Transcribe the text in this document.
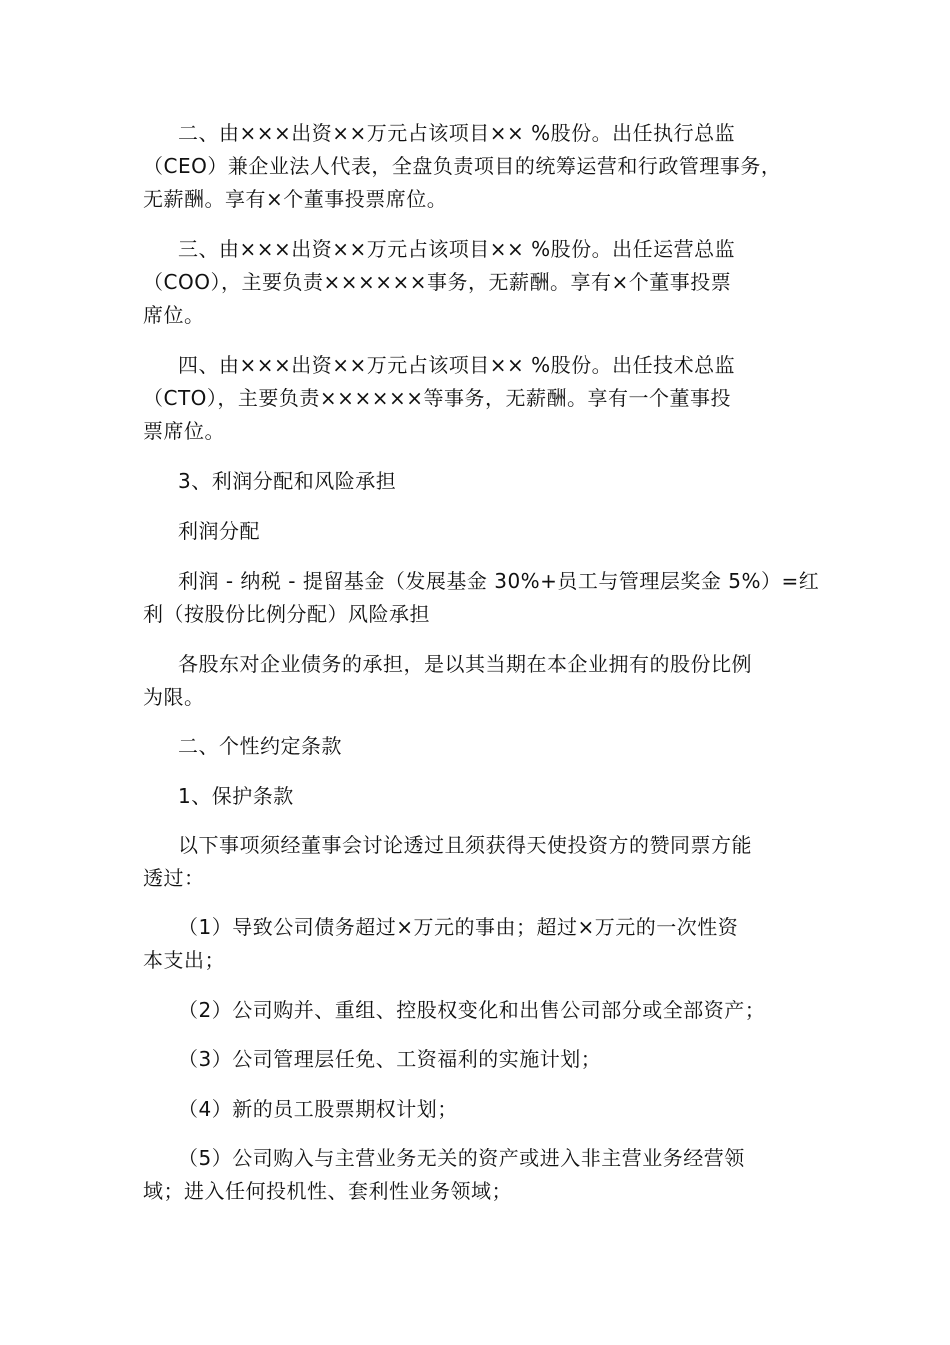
二、由×××出资××万元占该项目×× %股份。出任执行总监
（CEO）兼企业法人代表，全盘负责项目的统筹运营和行政管理事务，
无薪酬。享有×个董事投票席位。
三、由×××出资××万元占该项目×× %股份。出任运营总监
（COO），主要负责××××××事务，无薪酬。享有×个董事投票
席位。
四、由×××出资××万元占该项目×× %股份。出任技术总监
（CTO），主要负责××××××等事务，无薪酬。享有一个董事投
票席位。
3、利润分配和风险承担
利润分配
利润 - 纳税 - 提留基金（发展基金 30%+员工与管理层奖金 5%）=红
利（按股份比例分配）风险承担
各股东对企业债务的承担，是以其当期在本企业拥有的股份比例
为限。
二、个性约定条款
1、保护条款
以下事项须经董事会讨论透过且须获得天使投资方的赞同票方能
透过：
（1）导致公司债务超过×万元的事由；超过×万元的一次性资
本支出；
（2）公司购并、重组、控股权变化和出售公司部分或全部资产；
（3）公司管理层任免、工资福利的实施计划；
（4）新的员工股票期权计划；
（5）公司购入与主营业务无关的资产或进入非主营业务经营领
域；进入任何投机性、套利性业务领域；
